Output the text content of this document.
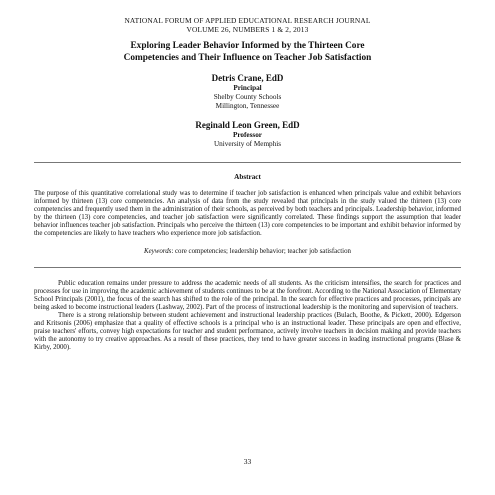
NATIONAL FORUM OF APPLIED EDUCATIONAL RESEARCH JOURNAL
VOLUME 26, NUMBERS 1 & 2, 2013
Exploring Leader Behavior Informed by the Thirteen Core
Competencies and Their Influence on Teacher Job Satisfaction
Detris Crane, EdD
Principal
Shelby County Schools
Millington, Tennessee
Reginald Leon Green, EdD
Professor
University of Memphis
Abstract
The purpose of this quantitative correlational study was to determine if teacher job satisfaction is enhanced when principals value and exhibit behaviors informed by thirteen (13) core competencies. An analysis of data from the study revealed that principals in the study valued the thirteen (13) core competencies and frequently used them in the administration of their schools, as perceived by both teachers and principals. Leadership behavior, informed by the thirteen (13) core competencies, and teacher job satisfaction were significantly correlated. These findings support the assumption that leader behavior influences teacher job satisfaction. Principals who perceive the thirteen (13) core competencies to be important and exhibit behavior informed by the competencies are likely to have teachers who experience more job satisfaction.
Keywords: core competencies; leadership behavior; teacher job satisfaction

Public education remains under pressure to address the academic needs of all students. As the criticism intensifies, the search for practices and processes for use in improving the academic achievement of students continues to be at the forefront. According to the National Association of Elementary School Principals (2001), the focus of the search has shifted to the role of the principal. In the search for effective practices and processes, principals are being asked to become instructional leaders (Lashway, 2002). Part of the process of instructional leadership is the monitoring and supervision of teachers.

There is a strong relationship between student achievement and instructional leadership practices (Bulach, Boothe, & Pickett, 2000). Edgerson and Kritsonis (2006) emphasize that a quality of effective schools is a principal who is an instructional leader. These principals are open and effective, praise teachers' efforts, convey high expectations for teacher and student performance, actively involve teachers in decision making and provide teachers with the autonomy to try creative approaches. As a result of these practices, they tend to have greater success in leading instructional programs (Blase & Kirby, 2000).

33
